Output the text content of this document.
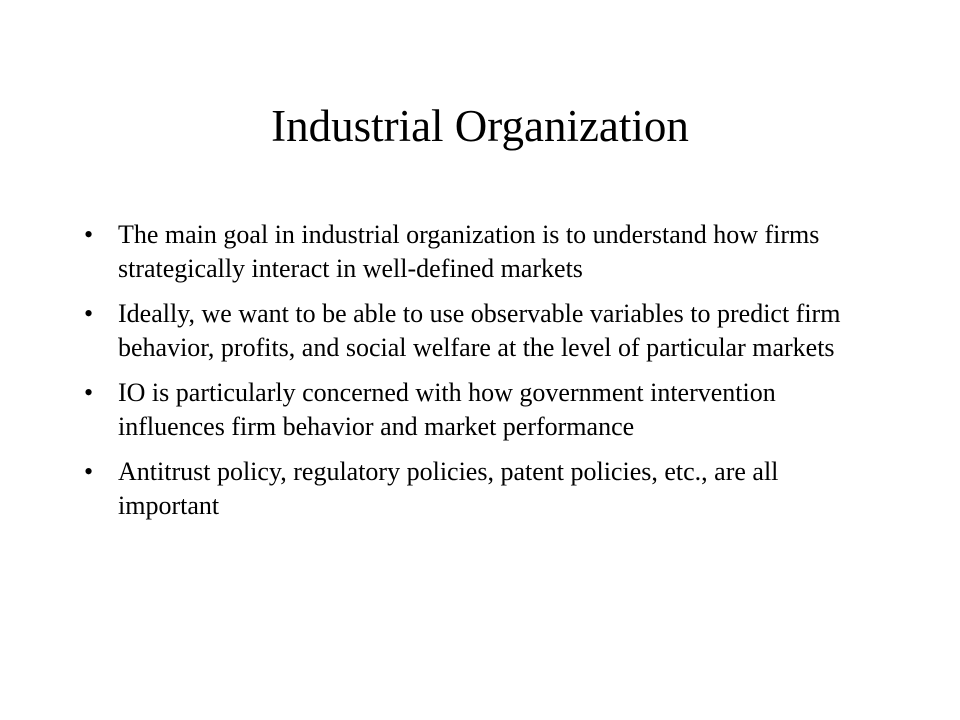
Industrial Organization
• The main goal in industrial organization is to understand how firms strategically interact in well-defined markets
• Ideally, we want to be able to use observable variables to predict firm behavior, profits, and social welfare at the level of particular markets
• IO is particularly concerned with how government intervention influences firm behavior and market performance
• Antitrust policy, regulatory policies, patent policies, etc., are all important
